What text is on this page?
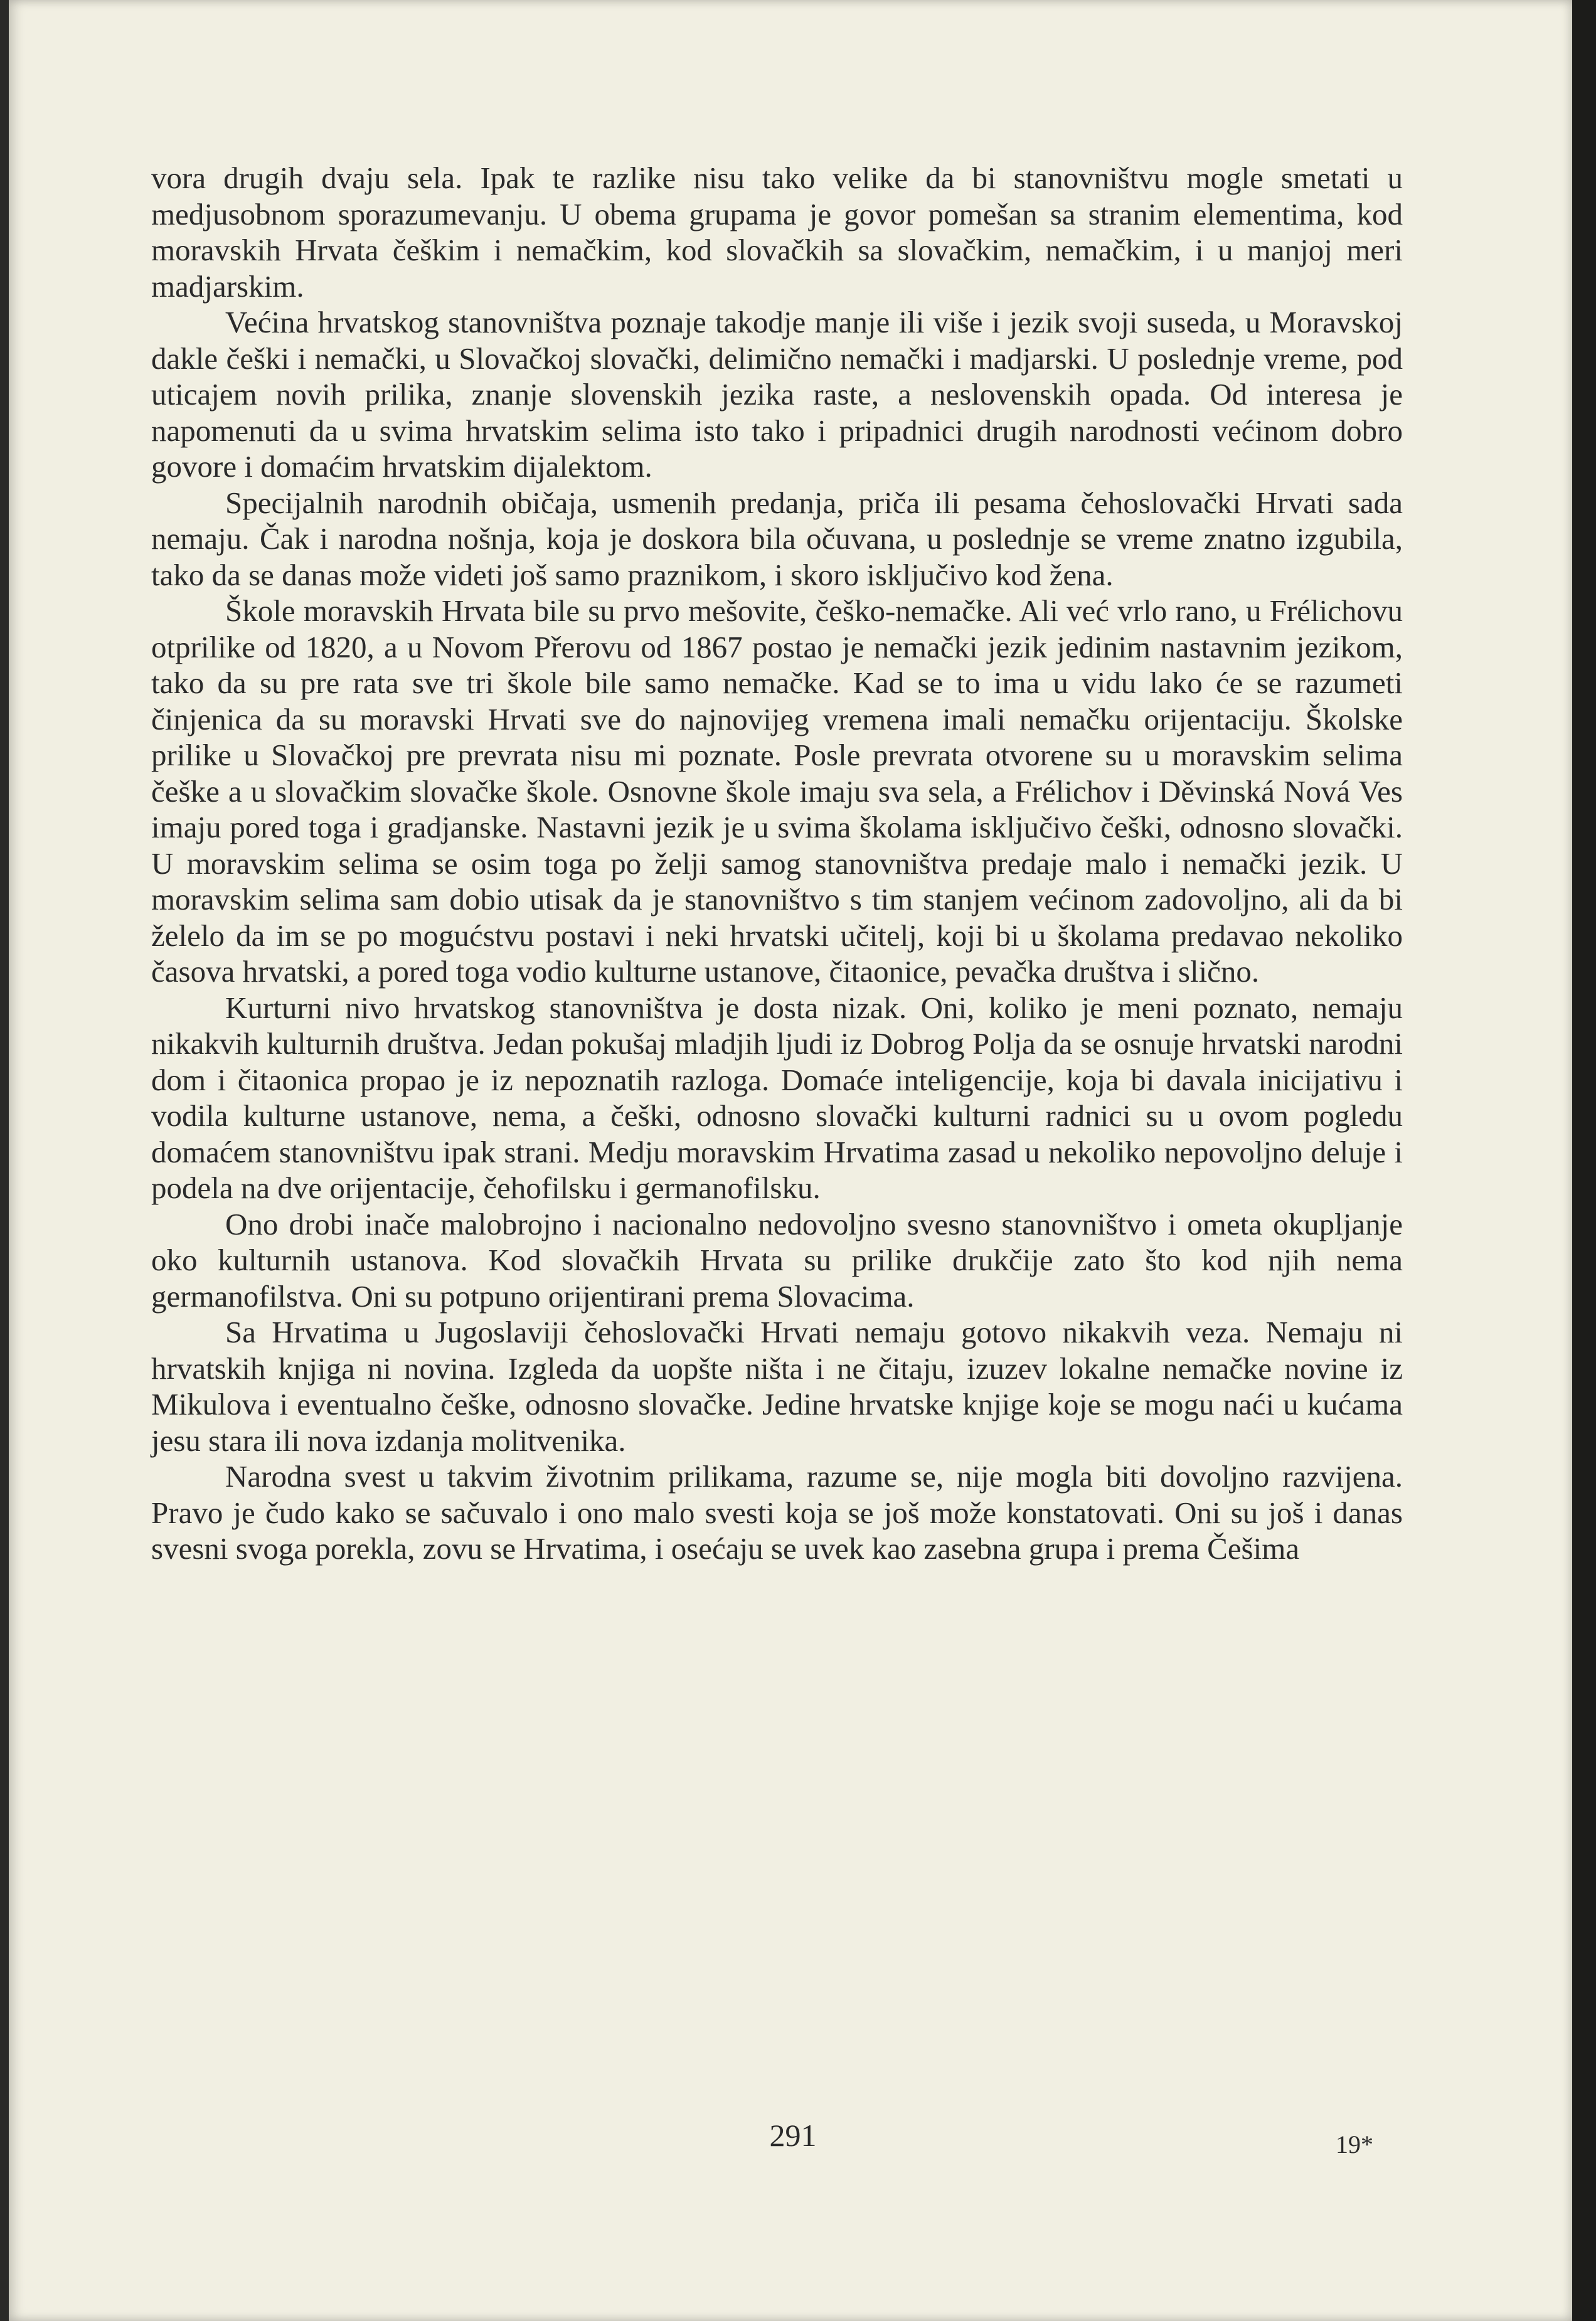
vora drugih dvaju sela. Ipak te razlike nisu tako velike da bi stanovništvu mogle smetati u medjusobnom sporazumevanju. U obema grupama je govor pomešan sa stranim elementima, kod moravskih Hrvata češkim i nemačkim, kod slovačkih sa slovačkim, nemačkim, i u manjoj meri madjarskim.

Većina hrvatskog stanovništva poznaje takodje manje ili više i jezik svoji suseda, u Moravskoj dakle češki i nemački, u Slovačkoj slovački, delimično nemački i madjarski. U poslednje vreme, pod uticajem novih prilika, znanje slovenskih jezika raste, a neslovenskih opada. Od interesa je napomenuti da u svima hrvatskim selima isto tako i pripadnici drugih narodnosti većinom dobro govore i domaćim hrvatskim dijalektom.

Specijalnih narodnih običaja, usmenih predanja, priča ili pesama čehoslovački Hrvati sada nemaju. Čak i narodna nošnja, koja je doskora bila očuvana, u poslednje se vreme znatno izgubila, tako da se danas može videti još samo praznikom, i skoro isključivo kod žena.

Škole moravskih Hrvata bile su prvo mešovite, češko-nemačke. Ali već vrlo rano, u Frélichovu otprilike od 1820, a u Novom Přerovu od 1867 postao je nemački jezik jedinim nastavnim jezikom, tako da su pre rata sve tri škole bile samo nemačke. Kad se to ima u vidu lako će se razumeti činjenica da su moravski Hrvati sve do najnovijeg vremena imali nemačku orijentaciju. Školske prilike u Slovačkoj pre prevrata nisu mi poznate. Posle prevrata otvorene su u moravskim selima češke a u slovačkim slovačke škole. Osnovne škole imaju sva sela, a Frélichov i Děvinská Nová Ves imaju pored toga i gradjanske. Nastavni jezik je u svima školama isključivo češki, odnosno slovački. U moravskim selima se osim toga po želji samog stanovništva predaje malo i nemački jezik. U moravskim selima sam dobio utisak da je stanovništvo s tim stanjem većinom zadovoljno, ali da bi želelo da im se po mogućstvu postavi i neki hrvatski učitelj, koji bi u školama predavao nekoliko časova hrvatski, a pored toga vodio kulturne ustanove, čitaonice, pevačka društva i slično.

Kurturni nivo hrvatskog stanovništva je dosta nizak. Oni, koliko je meni poznato, nemaju nikakvih kulturnih društva. Jedan pokušaj mladjih ljudi iz Dobrog Polja da se osnuje hrvatski narodni dom i čitaonica propao je iz nepoznatih razloga. Domaće inteligencije, koja bi davala inicijativu i vodila kulturne ustanove, nema, a češki, odnosno slovački kulturni radnici su u ovom pogledu domaćem stanovništvu ipak strani. Medju moravskim Hrvatima zasad u nekoliko nepovoljno deluje i podela na dve orijentacije, čehofilsku i germanofilsku.

Ono drobi inače malobrojno i nacionalno nedovoljno svesno stanovništvo i ometa okupljanje oko kulturnih ustanova. Kod slovačkih Hrvata su prilike drukčije zato što kod njih nema germanofilstva. Oni su potpuno orijentirani prema Slovacima.

Sa Hrvatima u Jugoslaviji čehoslovački Hrvati nemaju gotovo nikakvih veza. Nemaju ni hrvatskih knjiga ni novina. Izgleda da uopšte ništa i ne čitaju, izuzev lokalne nemačke novine iz Mikulova i eventualno češke, odnosno slovačke. Jedine hrvatske knjige koje se mogu naći u kućama jesu stara ili nova izdanja molitvenika.

Narodna svest u takvim životnim prilikama, razume se, nije mogla biti dovoljno razvijena. Pravo je čudo kako se sačuvalo i ono malo svesti koja se još može konstatovati. Oni su još i danas svesni svoga porekla, zovu se Hrvatima, i osećaju se uvek kao zasebna grupa i prema Češima

291	19*
